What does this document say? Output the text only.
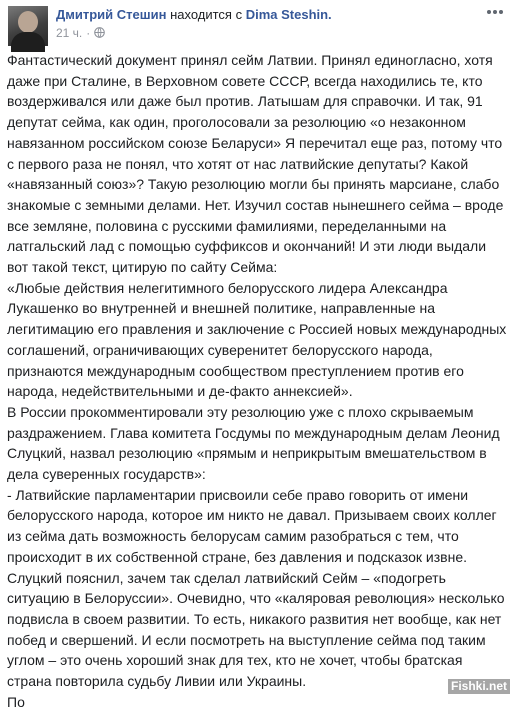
Дмитрий Стешин находится с Dima Steshin.
21 ч. ·

Фантастический документ принял сейм Латвии. Принял единогласно, хотя даже при Сталине, в Верховном совете СССР, всегда находились те, кто воздерживался или даже был против. Латышам для справочки. И так, 91 депутат сейма, как один, проголосовали за резолюцию «о незаконном навязанном российском союзе Беларуси» Я перечитал еще раз, потому что с первого раза не понял, что хотят от нас латвийские депутаты? Какой «навязанный союз»? Такую резолюцию могли бы принять марсиане, слабо знакомые с земными делами. Нет. Изучил состав нынешнего сейма – вроде все земляне, половина с русскими фамилиями, переделанными на латгальский лад с помощью суффиксов и окончаний! И эти люди выдали вот такой текст, цитирую по сайту Сейма:

«Любые действия нелегитимного белорусского лидера Александра Лукашенко во внутренней и внешней политике, направленные на легитимацию его правления и заключение с Россией новых международных соглашений, ограничивающих суверенитет белорусского народа, признаются международным сообществом преступлением против его народа, недействительными и де-факто аннексией».

В России прокомментировали эту резолюцию уже с плохо скрываемым раздражением. Глава комитета Госдумы по международным делам Леонид Слуцкий, назвал резолюцию «прямым и неприкрытым вмешательством в дела суверенных государств»:

- Латвийские парламентарии присвоили себе право говорить от имени белорусского народа, которое им никто не давал. Призываем своих коллег из сейма дать возможность белорусам самим разобраться с тем, что происходит в их собственной стране, без давления и подсказок извне.

Слуцкий пояснил, зачем так сделал латвийский Сейм – «подогреть ситуацию в Белоруссии». Очевидно, что «каляровая революция» несколько подвисла в своем развитии. То есть, никакого развития нет вообще, как нет побед и свершений. И если посмотреть на выступление сейма под таким углом – это очень хороший знак для тех, кто не хочет, чтобы братская страна повторила судьбу Ливии или Украины.

По

Fishki.net
